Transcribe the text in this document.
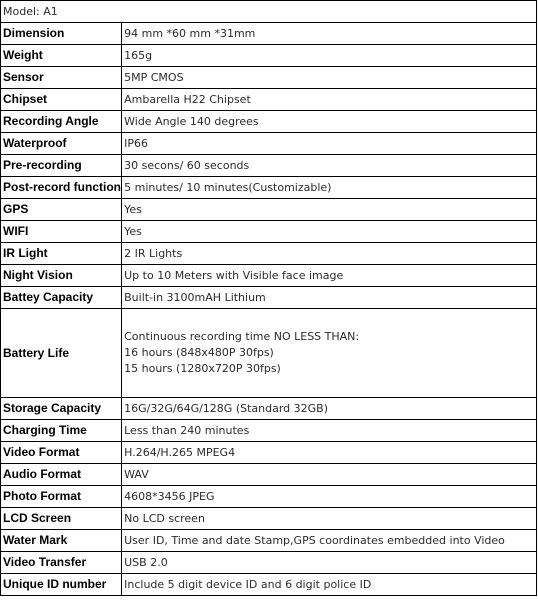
Model: A1	
Dimension	94 mm *60 mm *31mm
Weight	165g
Sensor	5MP CMOS
Chipset	Ambarella H22 Chipset
Recording Angle	Wide Angle 140 degrees
Waterproof	IP66
Pre-recording	30 secons/ 60 seconds
Post-record function	5 minutes/ 10 minutes(Customizable)
GPS	Yes
WIFI	Yes
IR Light	2 IR Lights
Night Vision	Up to 10 Meters with Visible face image
Battey Capacity	Built-in 3100mAH Lithium
Battery Life	Continuous recording time NO LESS THAN:
16 hours (848x480P 30fps)
15 hours (1280x720P 30fps)

Storage Capacity	16G/32G/64G/128G (Standard 32GB)
Charging Time	Less than 240 minutes
Video Format	H.264/H.265 MPEG4
Audio Format	WAV
Photo Format	4608*3456 JPEG
LCD Screen	No LCD screen
Water Mark	User ID, Time and date Stamp,GPS coordinates embedded into Video
Video Transfer	USB 2.0
Unique ID number	Include 5 digit device ID and 6 digit police ID
